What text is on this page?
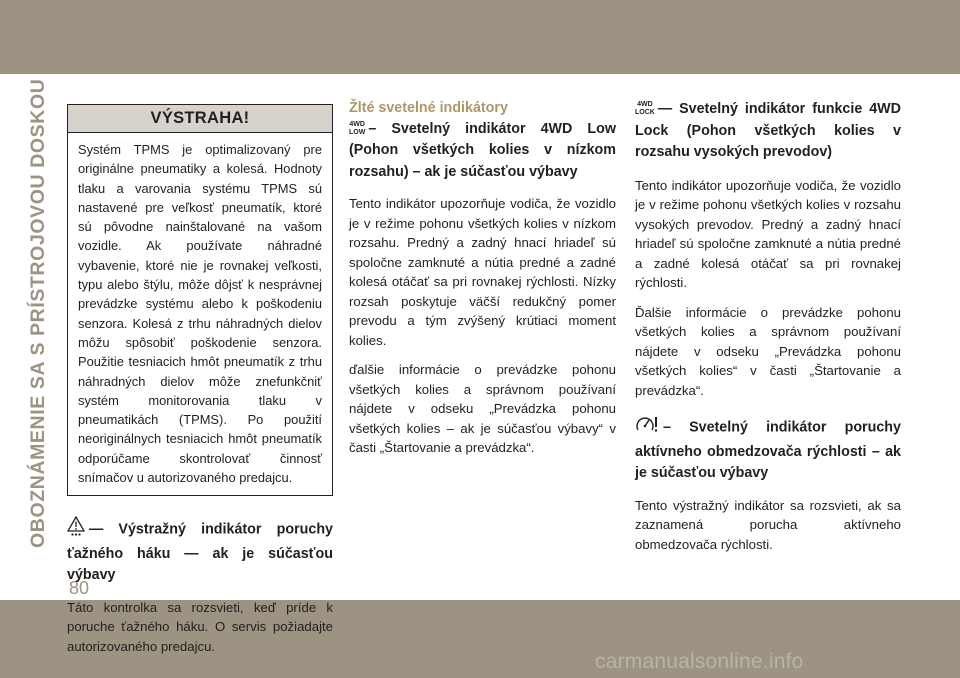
OBOZNÁMENIE SA S PRÍSTROJOVOU DOSKOU
80
carmanualsonline.info
VÝSTRAHA!
Systém TPMS je optimalizovaný pre originálne pneumatiky a kolesá. Hodnoty tlaku a varovania systému TPMS sú nastavené pre veľkosť pneumatík, ktoré sú pôvodne nainštalované na vašom vozidle. Ak používate náhradné vybavenie, ktoré nie je rovnakej veľkosti, typu alebo štýlu, môže dôjsť k nesprávnej prevádzke systému alebo k poškodeniu senzora. Kolesá z trhu náhradných dielov môžu spôsobiť poškodenie senzora. Použitie tesniacich hmôt pneumatík z trhu náhradných dielov môže znefunkčniť systém monitorovania tlaku v pneumatikách (TPMS). Po použití neoriginálnych tesniacich hmôt pneumatík odporúčame skontrolovať činnosť snímačov u autorizovaného predajcu.

— Výstražný indikátor poruchy ťažného háku — ak je súčasťou výbavy

Táto kontrolka sa rozsvieti, keď príde k poruche ťažného háku. O servis požiadajte autorizovaného predajcu.

Žlté svetelné indikátory

4WD
LOW – Svetelný indikátor 4WD Low (Pohon všetkých kolies v nízkom rozsahu) – ak je súčasťou výbavy

Tento indikátor upozorňuje vodiča, že vozidlo je v režime pohonu všetkých kolies v nízkom rozsahu. Predný a zadný hnací hriadeľ sú spoločne zamknuté a nútia predné a zadné kolesá otáčať sa pri rovnakej rýchlosti. Nízky rozsah poskytuje väčší redukčný pomer prevodu a tým zvýšený krútiaci moment kolies.

ďalšie informácie o prevádzke pohonu všetkých kolies a správnom používaní nájdete v odseku „Prevádzka pohonu všetkých kolies – ak je súčasťou výbavy“ v časti „Štartovanie a prevádzka“.

4WD
LOCK — Svetelný indikátor funkcie 4WD Lock (Pohon všetkých kolies v rozsahu vysokých prevodov)

Tento indikátor upozorňuje vodiča, že vozidlo je v režime pohonu všetkých kolies v rozsahu vysokých prevodov. Predný a zadný hnací hriadeľ sú spoločne zamknuté a nútia predné a zadné kolesá otáčať sa pri rovnakej rýchlosti.

Ďalšie informácie o prevádzke pohonu všetkých kolies a správnom používaní nájdete v odseku „Prevádzka pohonu všetkých kolies“ v časti „Štartovanie a prevádzka“.

– Svetelný indikátor poruchy aktívneho obmedzovača rýchlosti – ak je súčasťou výbavy

Tento výstražný indikátor sa rozsvieti, ak sa zaznamená porucha aktívneho obmedzovača rýchlosti.
